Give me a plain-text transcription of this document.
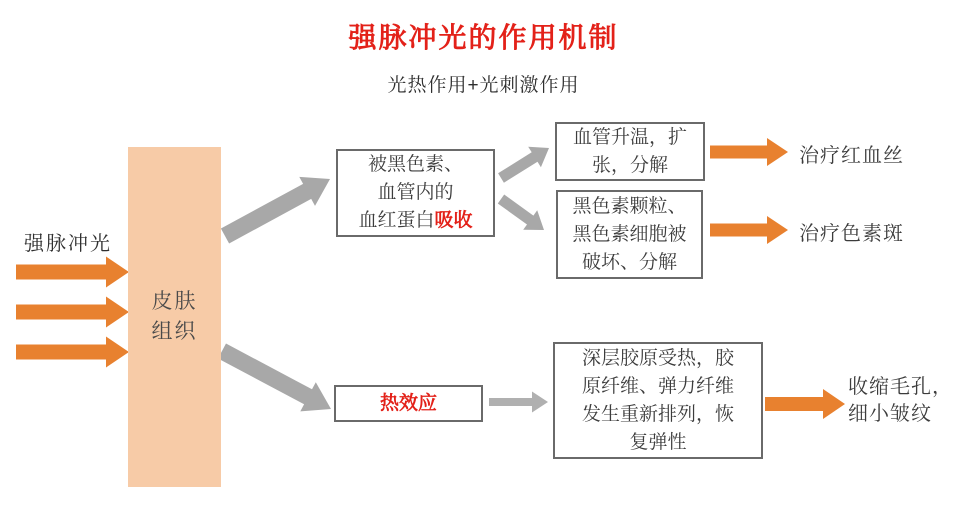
强脉冲光的作用机制
光热作用+光刺激作用
强脉冲光
皮肤
组织
被黑色素、
血管内的
血红蛋白吸收
血管升温，扩
张，分解
黑色素颗粒、
黑色素细胞被
破坏、分解
热效应
深层胶原受热，胶
原纤维、弹力纤维
发生重新排列，恢
复弹性
治疗红血丝
治疗色素斑
收缩毛孔，
细小皱纹
